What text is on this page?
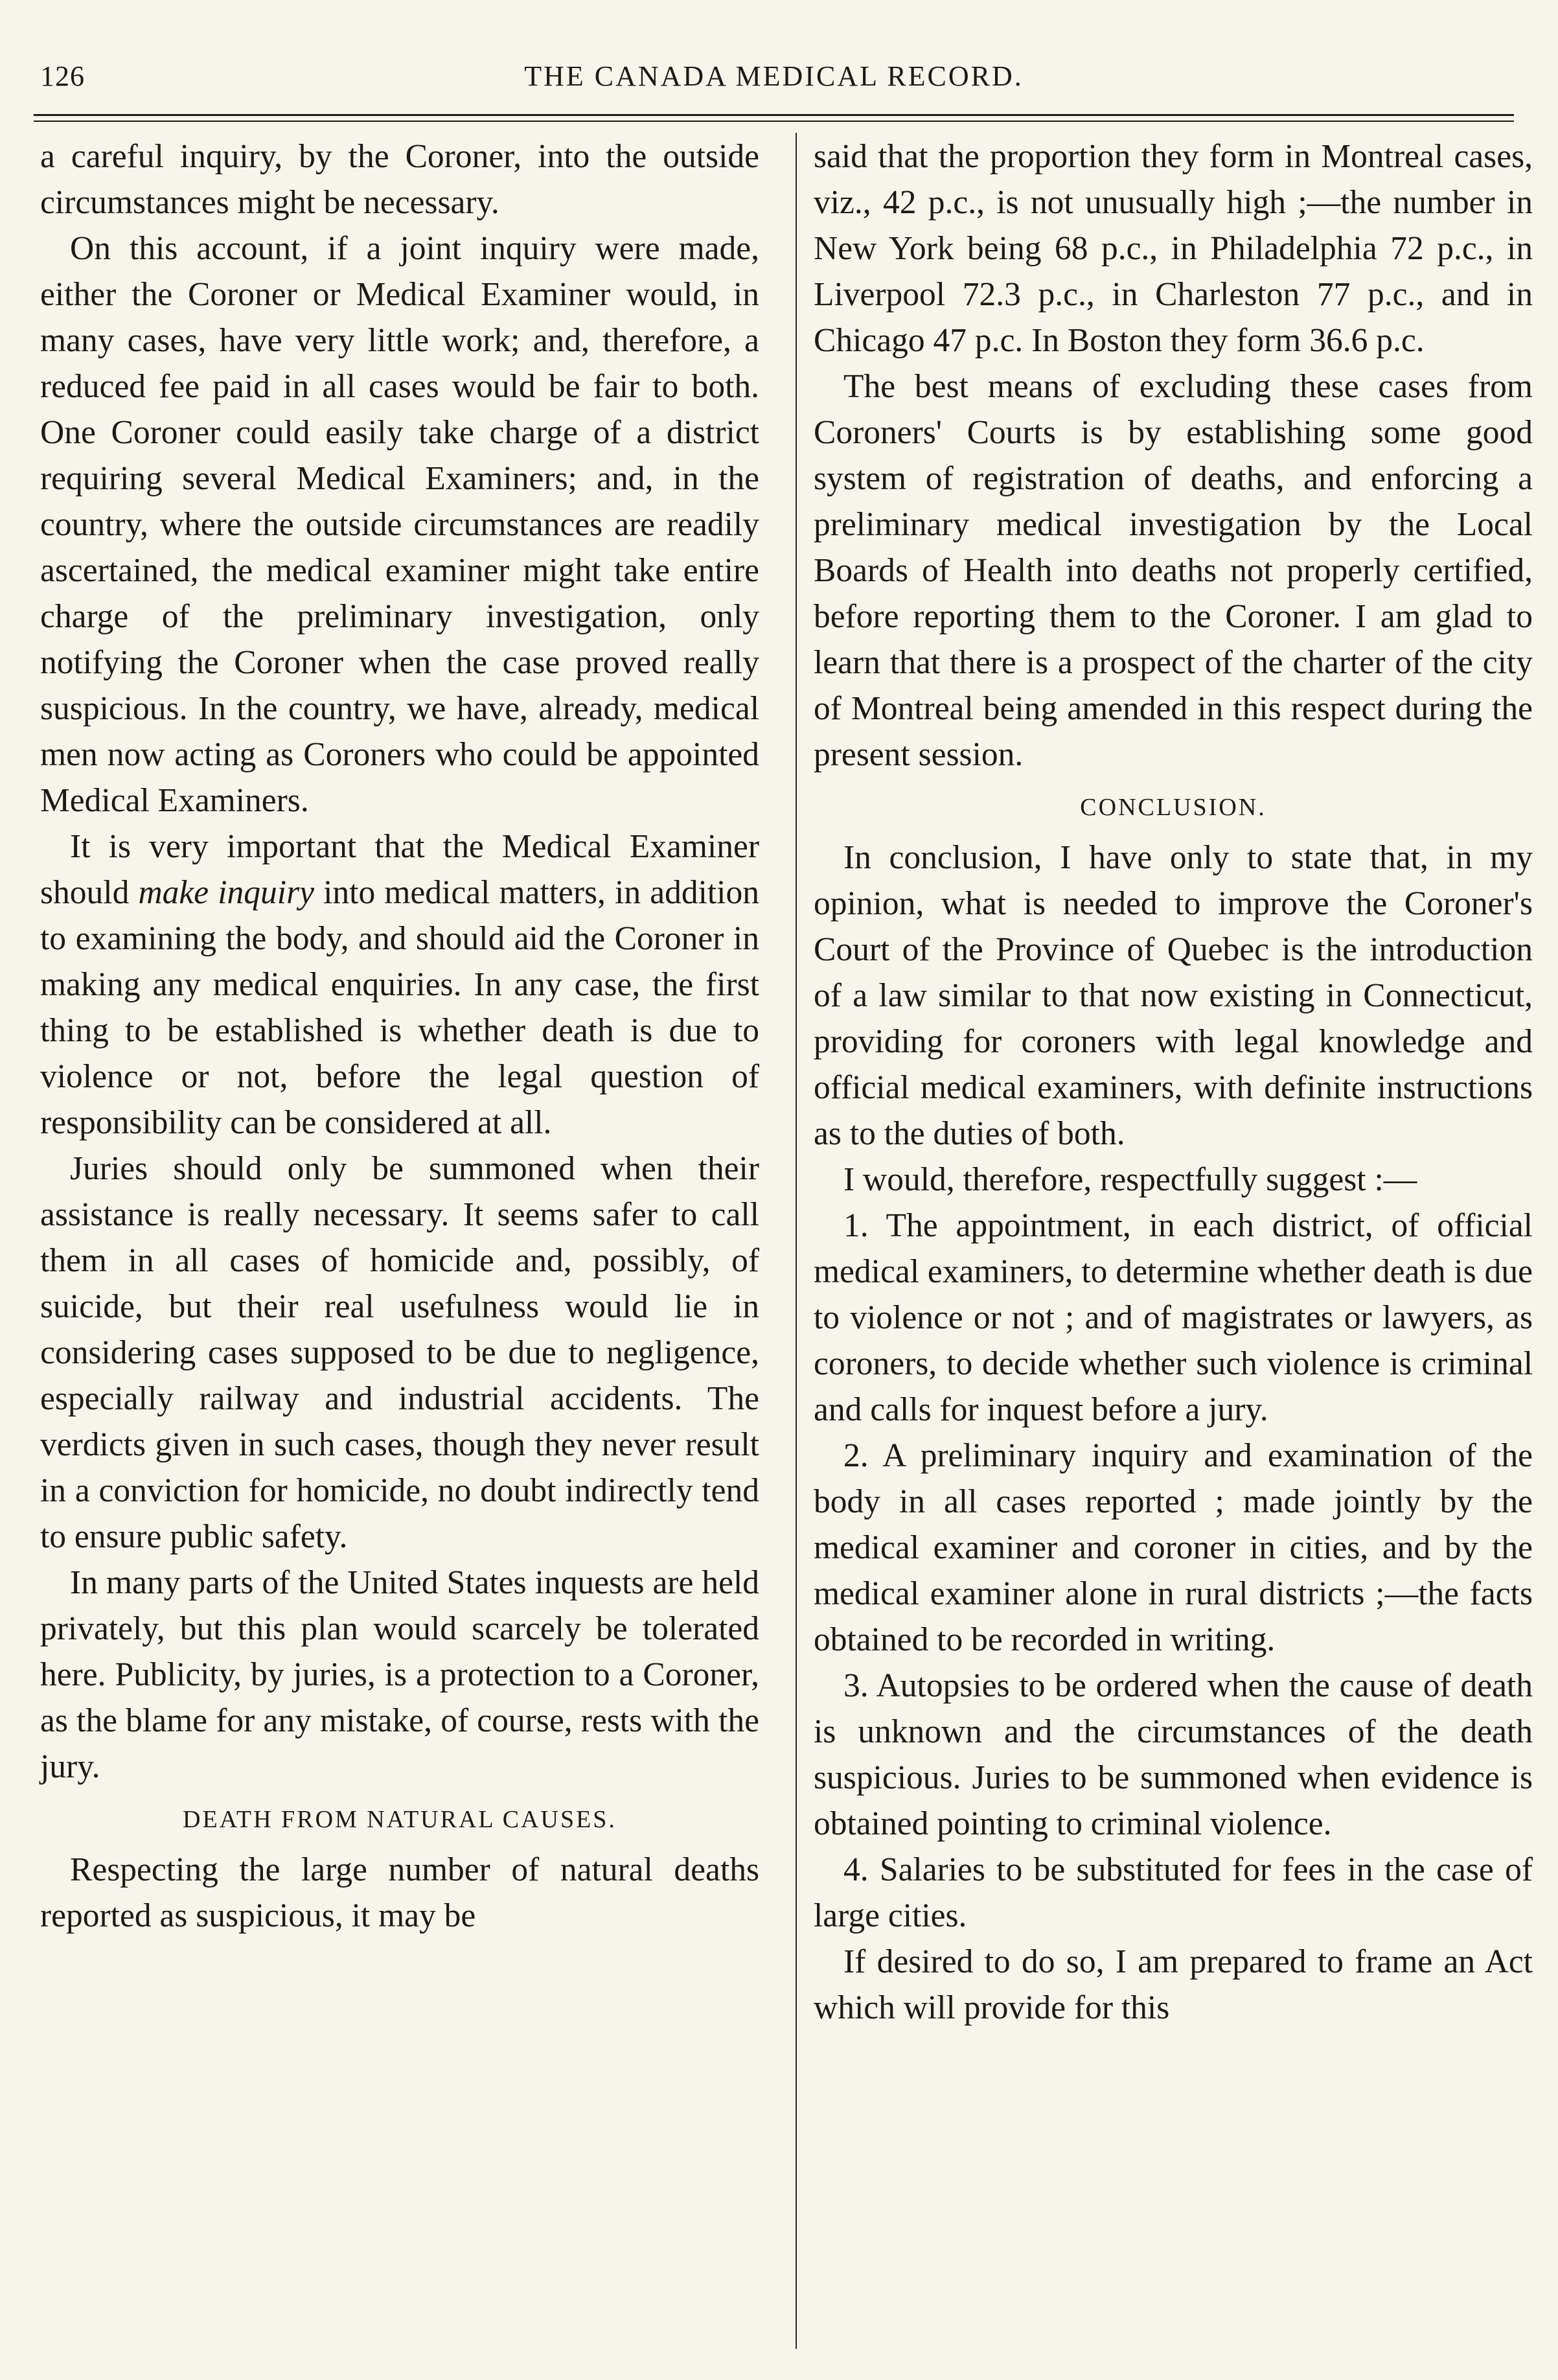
126	THE CANADA MEDICAL RECORD.

a careful inquiry, by the Coroner, into the outside circumstances might be necessary.

On this account, if a joint inquiry were made, either the Coroner or Medical Examiner would, in many cases, have very little work; and, therefore, a reduced fee paid in all cases would be fair to both. One Coroner could easily take charge of a district requiring several Medical Examiners; and, in the country, where the outside circumstances are readily ascertained, the medical examiner might take entire charge of the preliminary investigation, only notifying the Coroner when the case proved really suspicious. In the country, we have, already, medical men now acting as Coroners who could be appointed Medical Examiners.

It is very important that the Medical Examiner should make inquiry into medical matters, in addition to examining the body, and should aid the Coroner in making any medical enquiries. In any case, the first thing to be established is whether death is due to violence or not, before the legal question of responsibility can be considered at all.

Juries should only be summoned when their assistance is really necessary. It seems safer to call them in all cases of homicide and, possibly, of suicide, but their real usefulness would lie in considering cases supposed to be due to negligence, especially railway and industrial accidents. The verdicts given in such cases, though they never result in a conviction for homicide, no doubt indirectly tend to ensure public safety.

In many parts of the United States inquests are held privately, but this plan would scarcely be tolerated here. Publicity, by juries, is a protection to a Coroner, as the blame for any mistake, of course, rests with the jury.

DEATH FROM NATURAL CAUSES.

Respecting the large number of natural deaths reported as suspicious, it may be

said that the proportion they form in Montreal cases, viz., 42 p.c., is not unusually high ;—the number in New York being 68 p.c., in Philadelphia 72 p.c., in Liverpool 72.3 p.c., in Charleston 77 p.c., and in Chicago 47 p.c. In Boston they form 36.6 p.c.

The best means of excluding these cases from Coroners' Courts is by establishing some good system of registration of deaths, and enforcing a preliminary medical investigation by the Local Boards of Health into deaths not properly certified, before reporting them to the Coroner. I am glad to learn that there is a prospect of the charter of the city of Montreal being amended in this respect during the present session.

CONCLUSION.

In conclusion, I have only to state that, in my opinion, what is needed to improve the Coroner's Court of the Province of Quebec is the introduction of a law similar to that now existing in Connecticut, providing for coroners with legal knowledge and official medical examiners, with definite instructions as to the duties of both.

I would, therefore, respectfully suggest :—

1. The appointment, in each district, of official medical examiners, to determine whether death is due to violence or not ; and of magistrates or lawyers, as coroners, to decide whether such violence is criminal and calls for inquest before a jury.

2. A preliminary inquiry and examination of the body in all cases reported ; made jointly by the medical examiner and coroner in cities, and by the medical examiner alone in rural districts ;—the facts obtained to be recorded in writing.

3. Autopsies to be ordered when the cause of death is unknown and the circumstances of the death suspicious. Juries to be summoned when evidence is obtained pointing to criminal violence.

4. Salaries to be substituted for fees in the case of large cities.

If desired to do so, I am prepared to frame an Act which will provide for this
